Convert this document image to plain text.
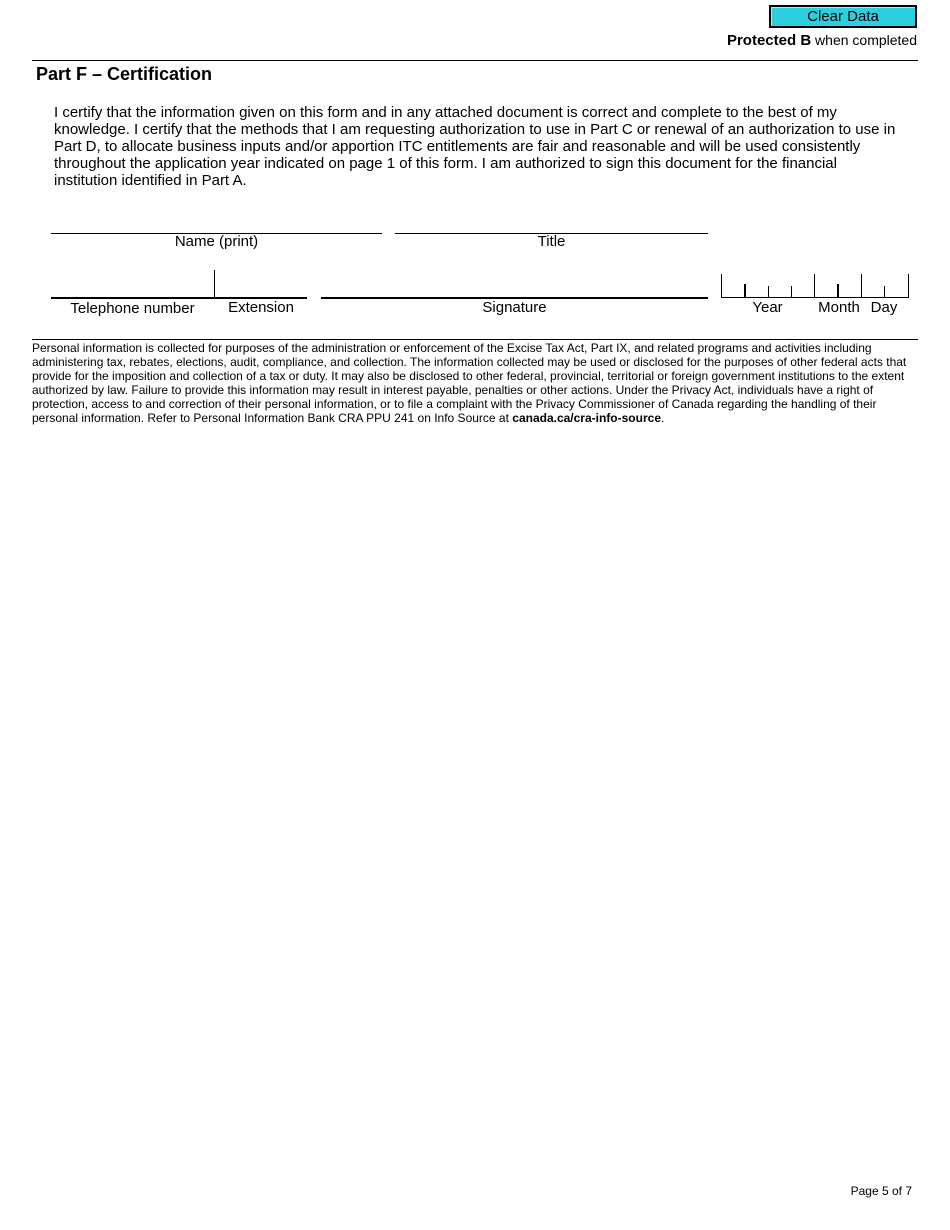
Clear Data
Protected B when completed
Part F – Certification
I certify that the information given on this form and in any attached document is correct and complete to the best of my knowledge. I certify that the methods that I am requesting authorization to use in Part C or renewal of an authorization to use in Part D, to allocate business inputs and/or apportion ITC entitlements are fair and reasonable and will be used consistently throughout the application year indicated on page 1 of this form. I am authorized to sign this document for the financial institution identified in Part A.
Name (print)	Title
Telephone number	Extension	Signature	Year	Month Day
Personal information is collected for purposes of the administration or enforcement of the Excise Tax Act, Part IX, and related programs and activities including administering tax, rebates, elections, audit, compliance, and collection. The information collected may be used or disclosed for the purposes of other federal acts that provide for the imposition and collection of a tax or duty. It may also be disclosed to other federal, provincial, territorial or foreign government institutions to the extent authorized by law. Failure to provide this information may result in interest payable, penalties or other actions. Under the Privacy Act, individuals have a right of protection, access to and correction of their personal information, or to file a complaint with the Privacy Commissioner of Canada regarding the handling of their personal information. Refer to Personal Information Bank CRA PPU 241 on Info Source at canada.ca/cra-info-source.
Page 5 of 7
